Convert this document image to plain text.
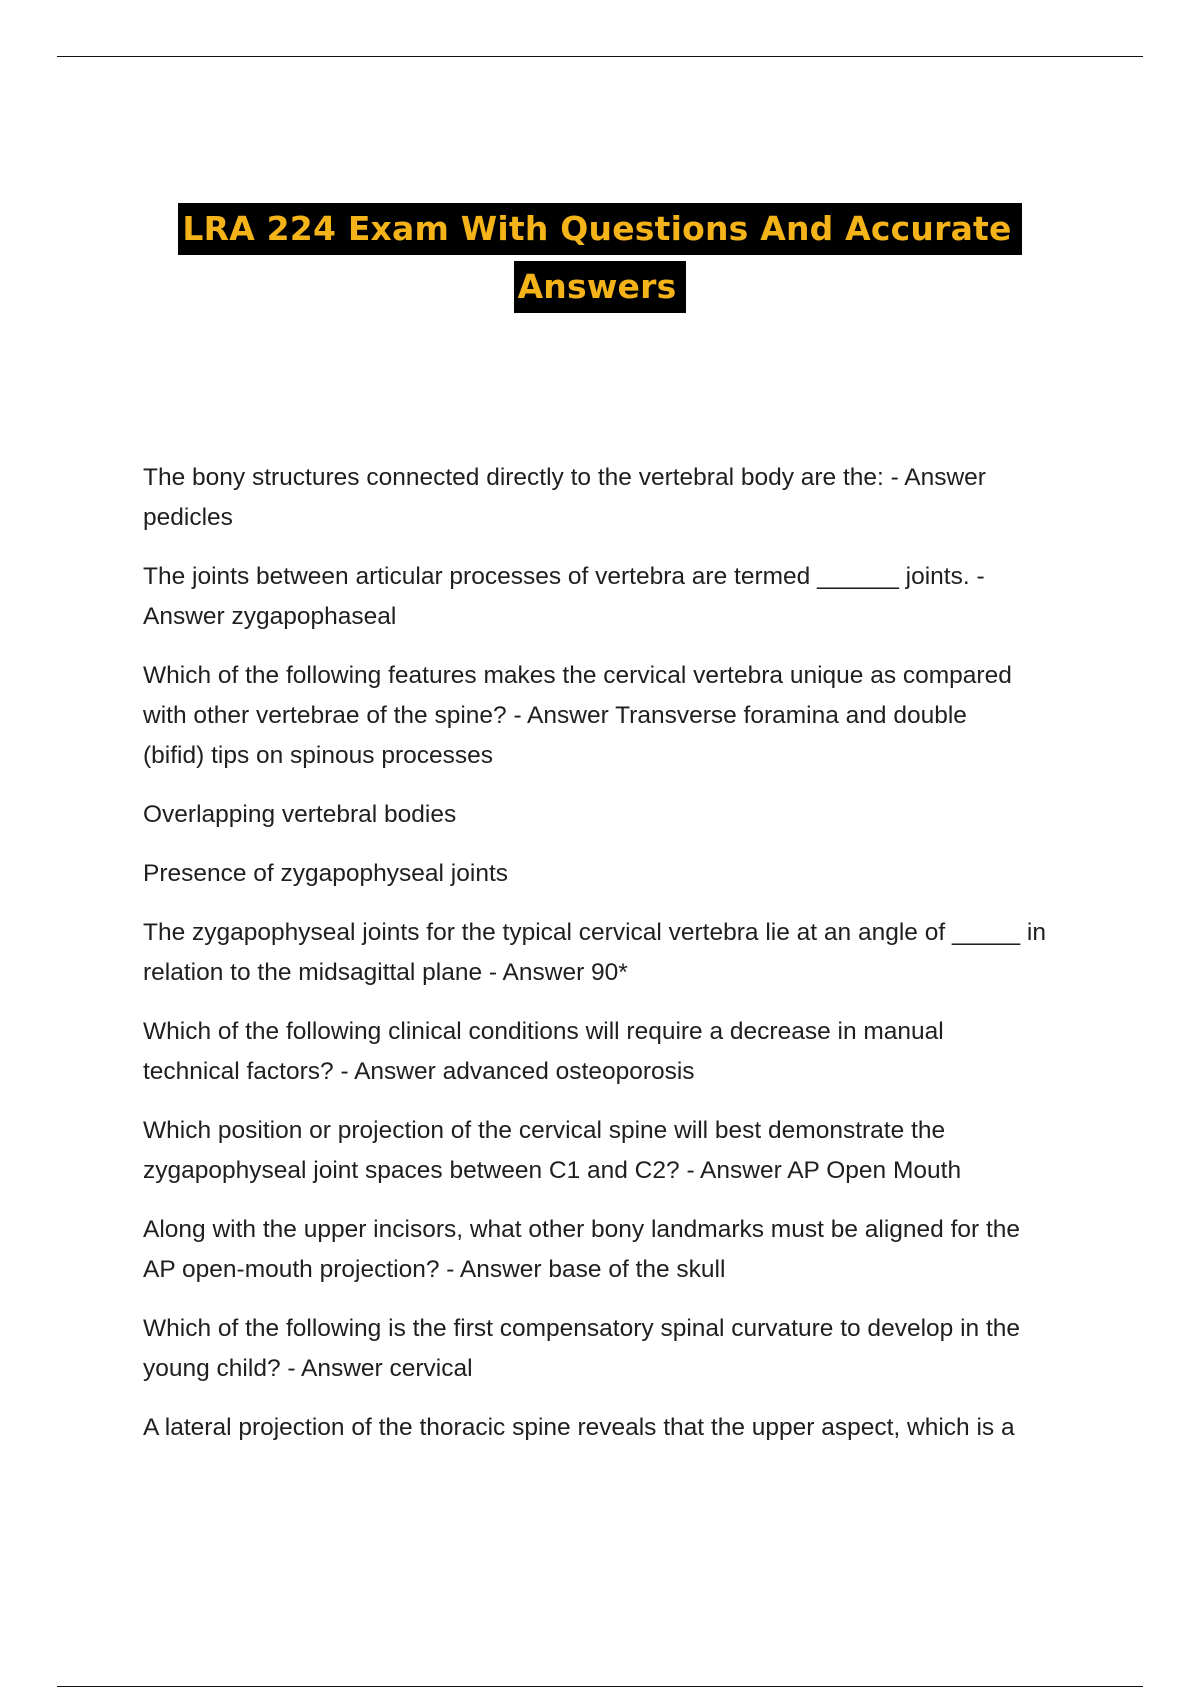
LRA 224 Exam With Questions And Accurate
Answers

The bony structures connected directly to the vertebral body are the: - Answer
pedicles

The joints between articular processes of vertebra are termed ______ joints. -
Answer zygapophaseal

Which of the following features makes the cervical vertebra unique as compared
with other vertebrae of the spine? - Answer Transverse foramina and double
(bifid) tips on spinous processes

Overlapping vertebral bodies

Presence of zygapophyseal joints

The zygapophyseal joints for the typical cervical vertebra lie at an angle of _____ in
relation to the midsagittal plane - Answer 90*

Which of the following clinical conditions will require a decrease in manual
technical factors? - Answer advanced osteoporosis

Which position or projection of the cervical spine will best demonstrate the
zygapophyseal joint spaces between C1 and C2? - Answer AP Open Mouth

Along with the upper incisors, what other bony landmarks must be aligned for the
AP open-mouth projection? - Answer base of the skull

Which of the following is the first compensatory spinal curvature to develop in the
young child? - Answer cervical

A lateral projection of the thoracic spine reveals that the upper aspect, which is a
